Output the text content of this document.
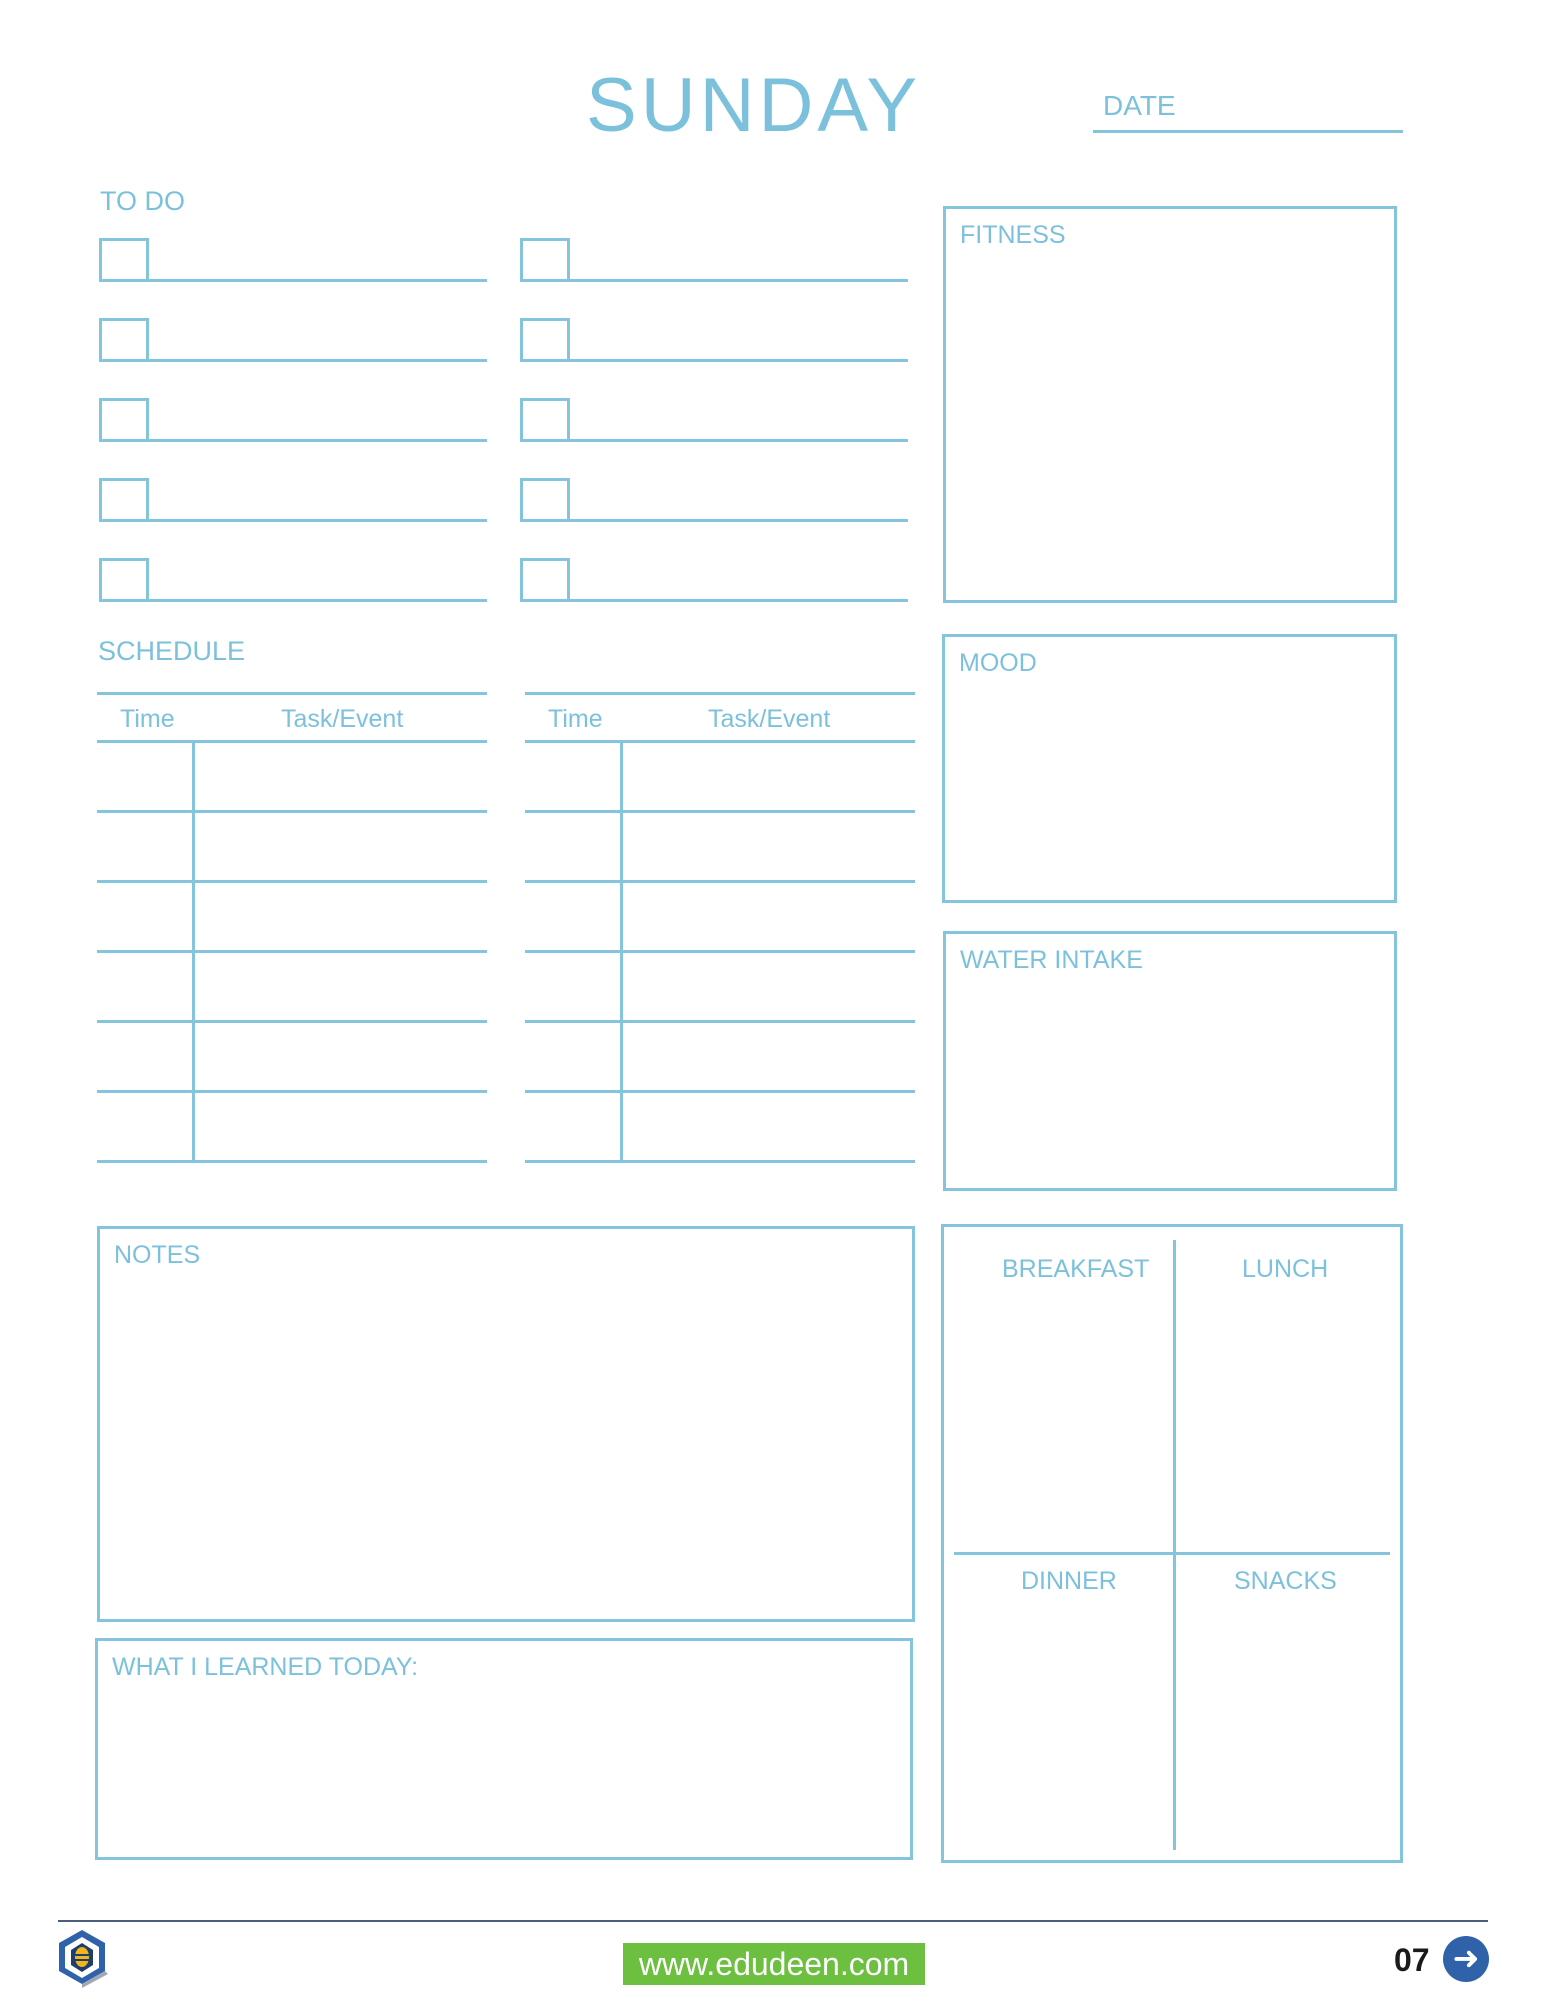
SUNDAY	DATE
TO DO
SCHEDULE
Time	Task/Event	Time	Task/Event
FITNESS
MOOD
WATER INTAKE
NOTES
WHAT I LEARNED TODAY:
BREAKFAST	LUNCH
DINNER	SNACKS
www.edudeen.com	07 ➜
